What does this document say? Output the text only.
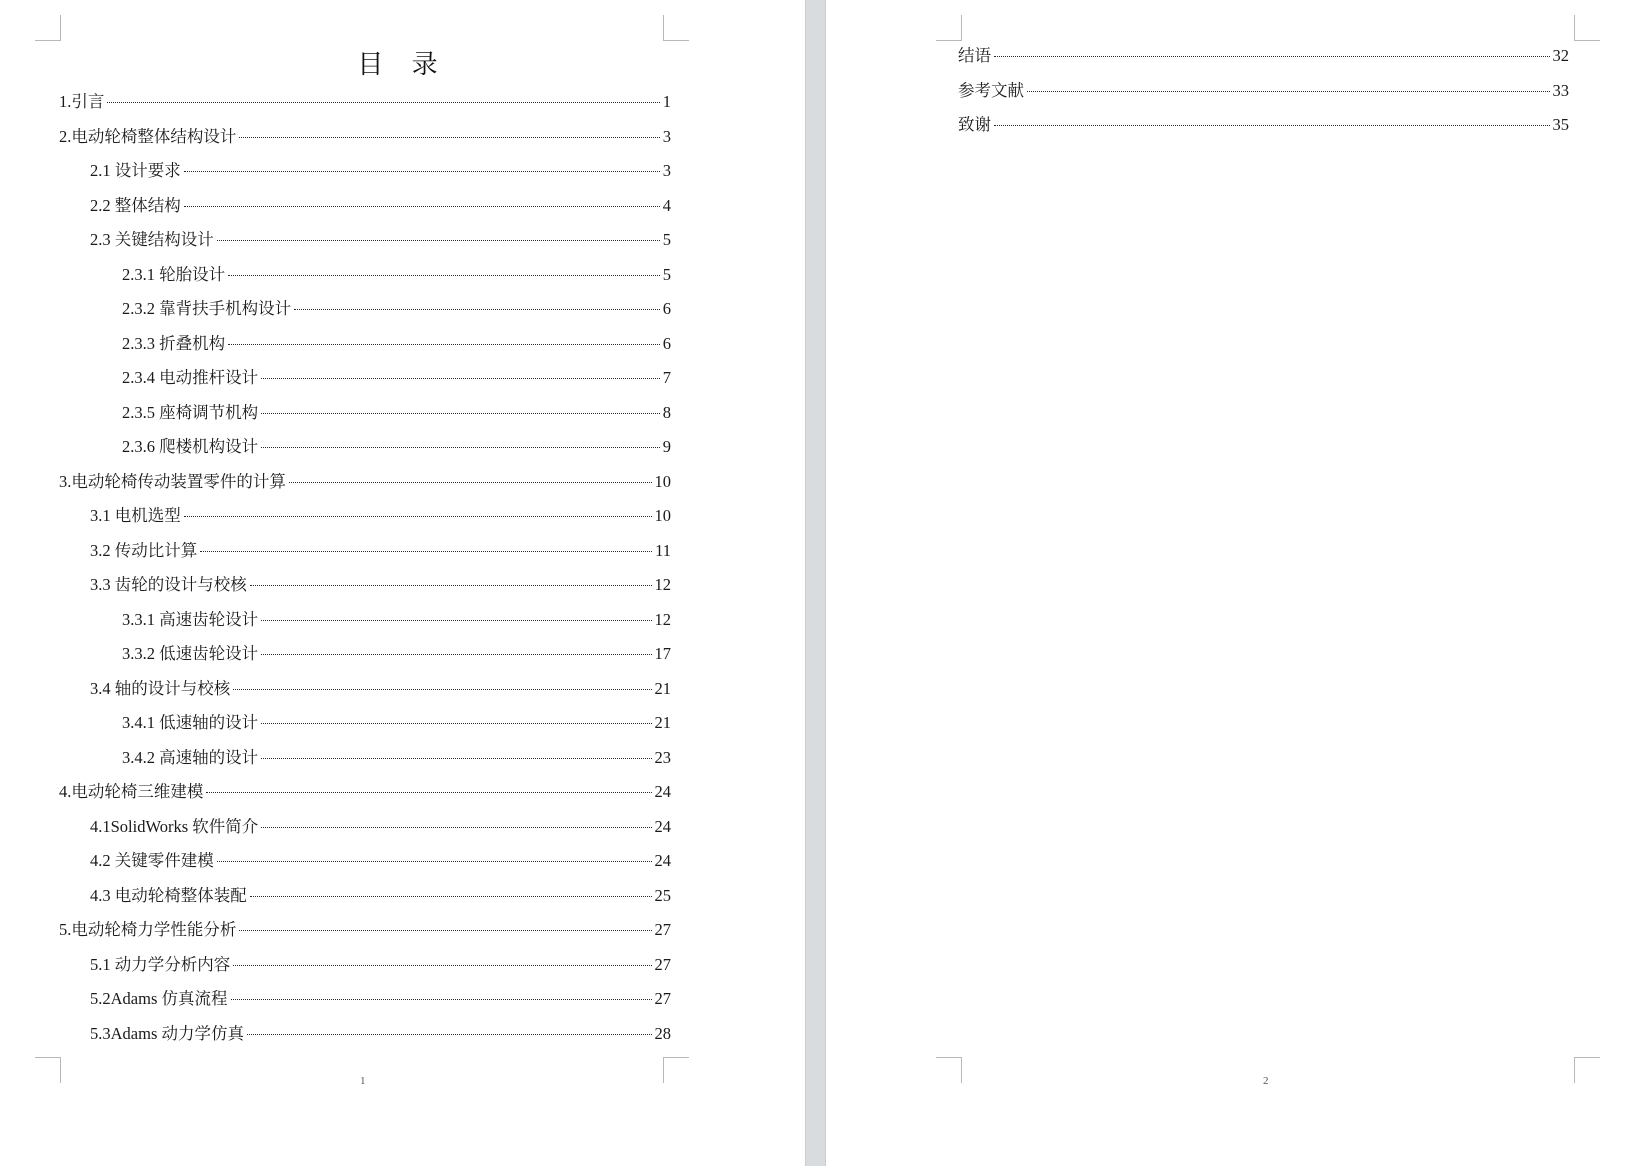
目 录
1.引言	1
2.电动轮椅整体结构设计	3
2.1 设计要求	3
2.2 整体结构	4
2.3 关键结构设计	5
2.3.1 轮胎设计	5
2.3.2 靠背扶手机构设计	6
2.3.3 折叠机构	6
2.3.4 电动推杆设计	7
2.3.5 座椅调节机构	8
2.3.6 爬楼机构设计	9
3.电动轮椅传动装置零件的计算	10
3.1 电机选型	10
3.2 传动比计算	11
3.3 齿轮的设计与校核	12
3.3.1 高速齿轮设计	12
3.3.2 低速齿轮设计	17
3.4 轴的设计与校核	21
3.4.1 低速轴的设计	21
3.4.2 高速轴的设计	23
4.电动轮椅三维建模	24
4.1SolidWorks 软件简介	24
4.2 关键零件建模	24
4.3 电动轮椅整体装配	25
5.电动轮椅力学性能分析	27
5.1 动力学分析内容	27
5.2Adams 仿真流程	27
5.3Adams 动力学仿真	28
1
结语	32
参考文献	33
致谢	35
2
